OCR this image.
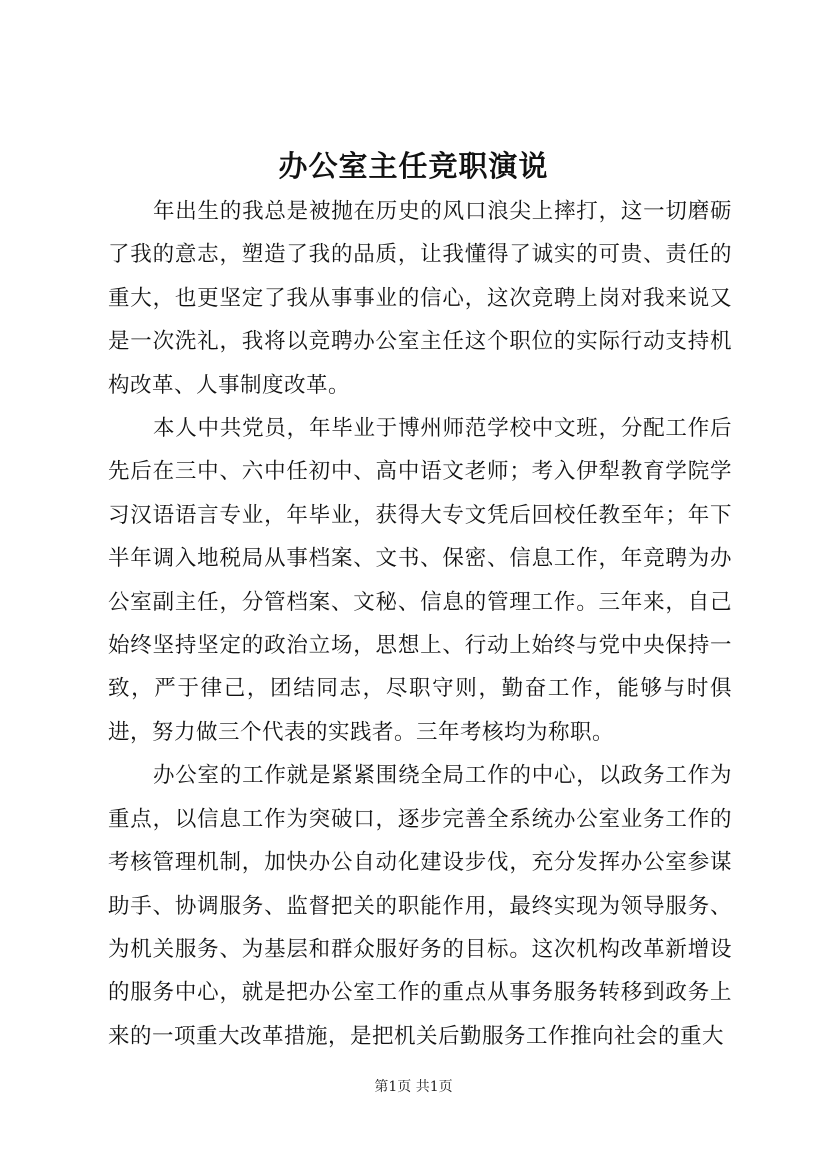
办公室主任竞职演说

年出生的我总是被抛在历史的风口浪尖上摔打，这一切磨砺了我的意志，塑造了我的品质，让我懂得了诚实的可贵、责任的重大，也更坚定了我从事事业的信心，这次竞聘上岗对我来说又是一次洗礼，我将以竞聘办公室主任这个职位的实际行动支持机构改革、人事制度改革。

本人中共党员，年毕业于博州师范学校中文班，分配工作后先后在三中、六中任初中、高中语文老师；考入伊犁教育学院学习汉语语言专业，年毕业，获得大专文凭后回校任教至年；年下半年调入地税局从事档案、文书、保密、信息工作，年竞聘为办公室副主任，分管档案、文秘、信息的管理工作。三年来，自己始终坚持坚定的政治立场，思想上、行动上始终与党中央保持一致，严于律己，团结同志，尽职守则，勤奋工作，能够与时俱进，努力做三个代表的实践者。三年考核均为称职。

办公室的工作就是紧紧围绕全局工作的中心，以政务工作为重点，以信息工作为突破口，逐步完善全系统办公室业务工作的考核管理机制，加快办公自动化建设步伐，充分发挥办公室参谋助手、协调服务、监督把关的职能作用，最终实现为领导服务、为机关服务、为基层和群众服好务的目标。这次机构改革新增设的服务中心，就是把办公室工作的重点从事务服务转移到政务上来的一项重大改革措施，是把机关后勤服务工作推向社会的重大

第1页 共1页
